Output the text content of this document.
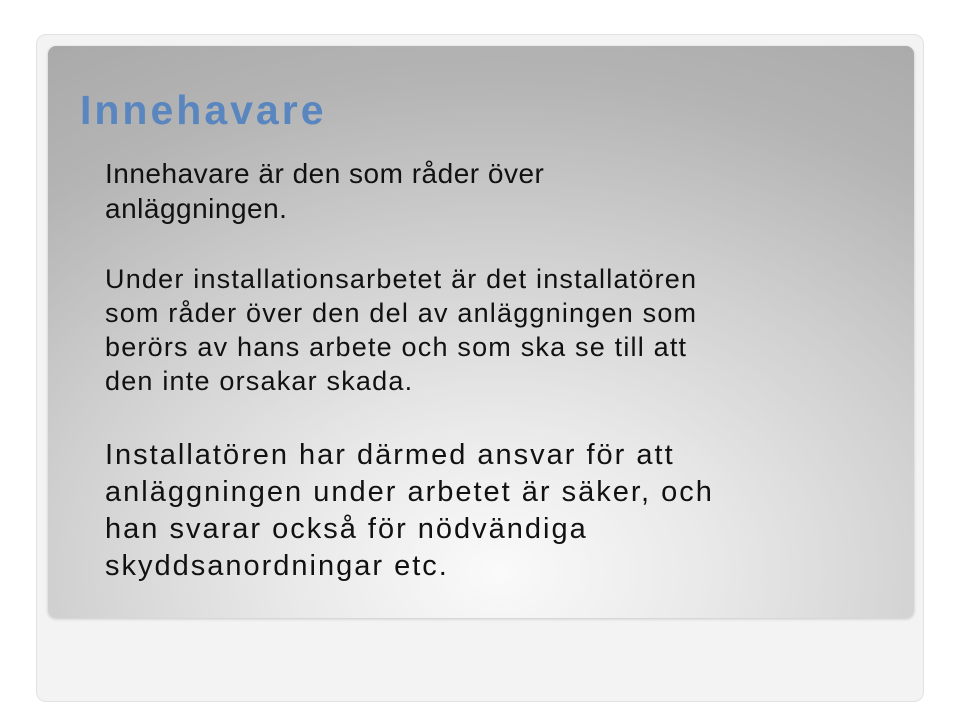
Innehavare

Innehavare är den som råder över
anläggningen.

Under installationsarbetet är det installatören
som råder över den del av anläggningen som
berörs av hans arbete och som ska se till att
den inte orsakar skada.

Installatören har därmed ansvar för att
anläggningen under arbetet är säker, och
han svarar också för nödvändiga
skyddsanordningar etc.
